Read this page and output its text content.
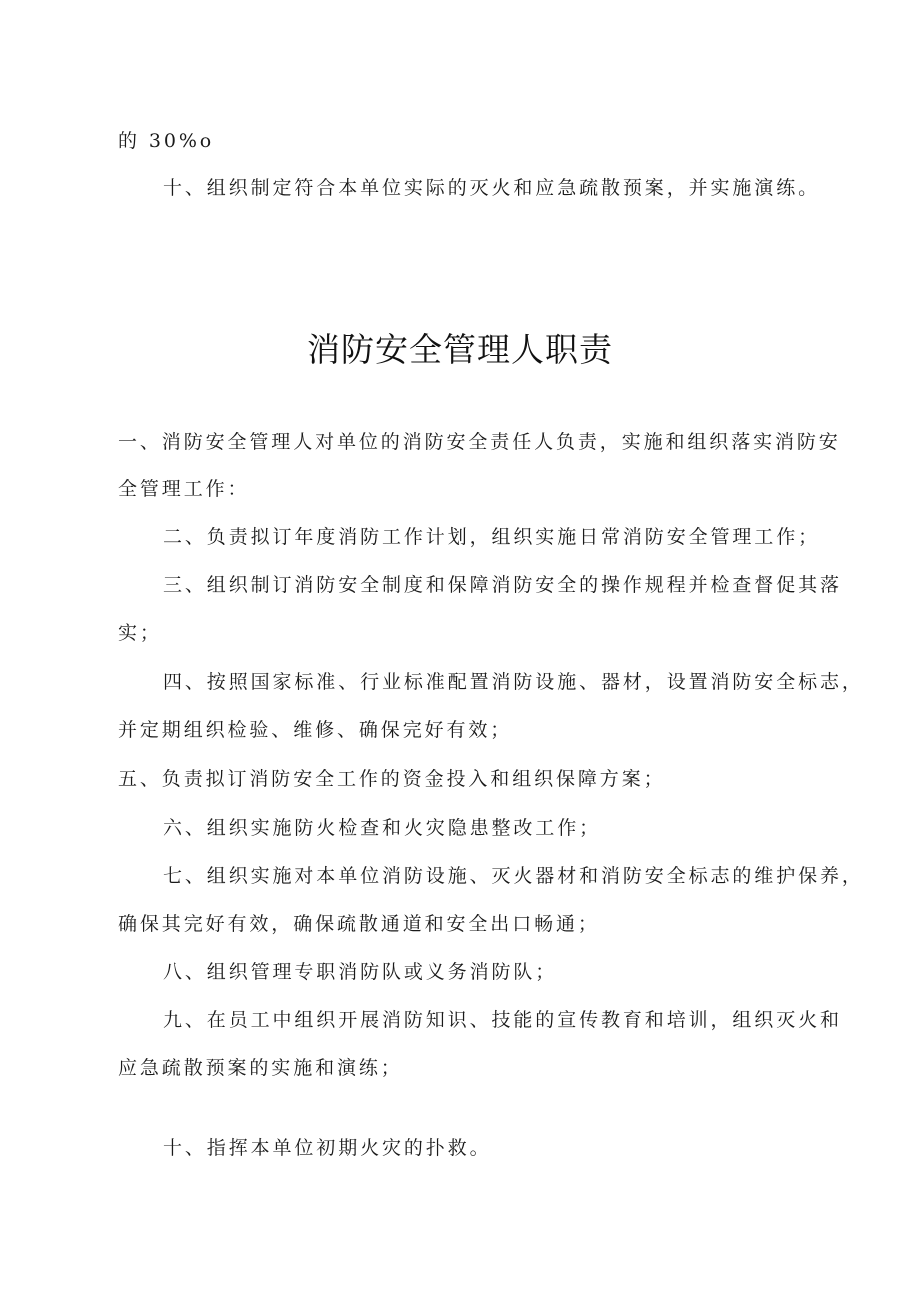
的 30%o
十、组织制定符合本单位实际的灭火和应急疏散预案，并实施演练。
消防安全管理人职责
一、消防安全管理人对单位的消防安全责任人负责，实施和组织落实消防安
全管理工作：
二、负责拟订年度消防工作计划，组织实施日常消防安全管理工作；
三、组织制订消防安全制度和保障消防安全的操作规程并检查督促其落
实；
四、按照国家标准、行业标准配置消防设施、器材，设置消防安全标志，
并定期组织检验、维修、确保完好有效；
五、负责拟订消防安全工作的资金投入和组织保障方案；
六、组织实施防火检查和火灾隐患整改工作；
七、组织实施对本单位消防设施、灭火器材和消防安全标志的维护保养，
确保其完好有效，确保疏散通道和安全出口畅通；
八、组织管理专职消防队或义务消防队；
九、在员工中组织开展消防知识、技能的宣传教育和培训，组织灭火和
应急疏散预案的实施和演练；
十、指挥本单位初期火灾的扑救。
